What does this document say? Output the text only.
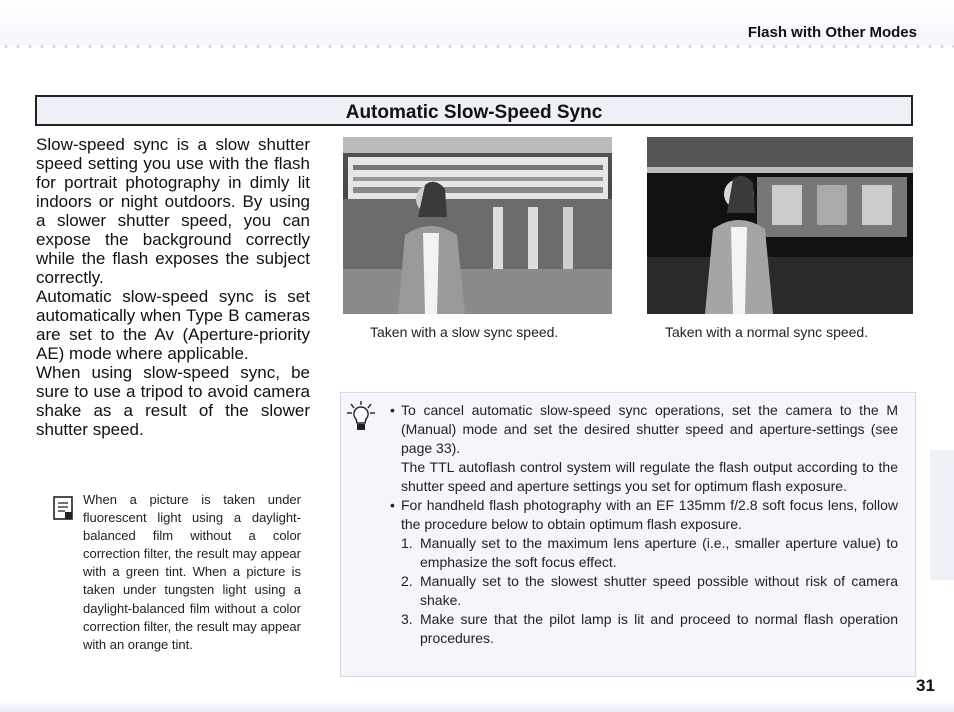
Flash with Other Modes
Automatic Slow-Speed Sync

Slow-speed sync is a slow shutter speed setting you use with the flash for portrait photography in dimly lit indoors or night outdoors. By using a slower shutter speed, you can expose the background correctly while the flash exposes the subject correctly.

Automatic slow-speed sync is set automatically when Type B cameras are set to the Av (Aperture-priority AE) mode where applicable.

When using slow-speed sync, be sure to use a tripod to avoid camera shake as a result of the slower shutter speed.

When a picture is taken under fluorescent light using a daylight-balanced film without a color correction filter, the result may appear with a green tint. When a picture is taken under tungsten light using a daylight-balanced film without a color correction filter, the result may appear with an orange tint.
Taken with a slow sync speed.	Taken with a normal sync speed.
• To cancel automatic slow-speed sync operations, set the camera to the M (Manual) mode and set the desired shutter speed and aperture-settings (see page 33).
The TTL autoflash control system will regulate the flash output according to the shutter speed and aperture settings you set for optimum flash exposure.
• For handheld flash photography with an EF 135mm f/2.8 soft focus lens, follow the procedure below to obtain optimum flash exposure.
1. Manually set to the maximum lens aperture (i.e., smaller aperture value) to emphasize the soft focus effect.
2. Manually set to the slowest shutter speed possible without risk of camera shake.
3. Make sure that the pilot lamp is lit and proceed to normal flash operation procedures.
31
